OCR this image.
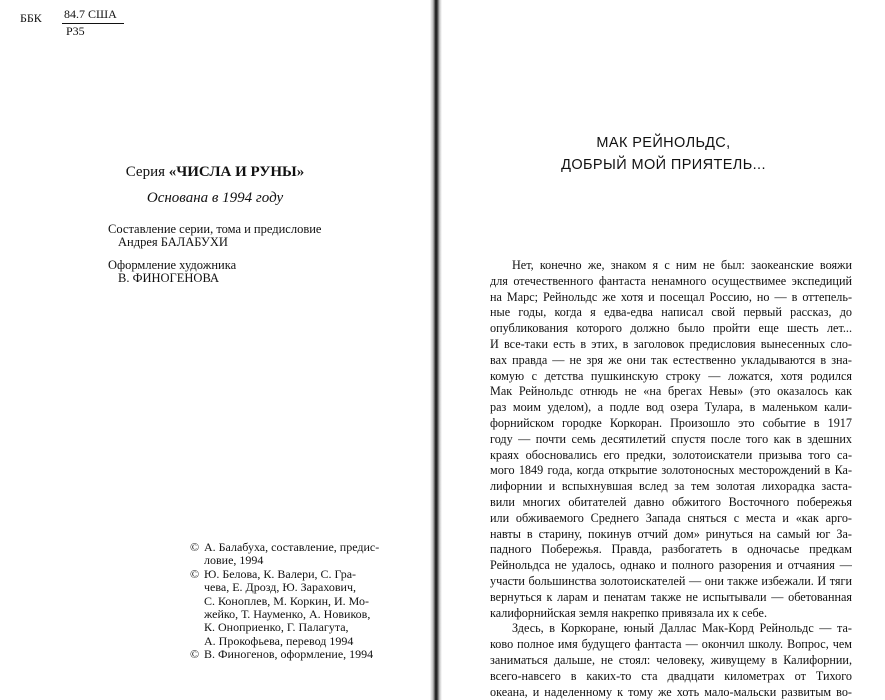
ББК 84.7 США
Р35
Серия «ЧИСЛА И РУНЫ»
Основана в 1994 году
Составление серии, тома и предисловие
Андрея БАЛАБУХИ
Оформление художника
В. ФИНОГЕНОВА
© А. Балабуха, составление, предис-
ловие, 1994
© Ю. Белова, К. Валери, С. Гра-
чева, Е. Дрозд, Ю. Зарахович,
С. Коноплев, М. Коркин, И. Мо-
жейко, Т. Науменко, А. Новиков,
К. Оноприенко, Г. Палагута,
А. Прокофьева, перевод 1994
© В. Финогенов, оформление, 1994
МАК РЕЙНОЛЬДС,
ДОБРЫЙ МОЙ ПРИЯТЕЛЬ...
Нет, конечно же, знаком я с ним не был: заокеанские вояжи
для отечественного фантаста ненамного осуществимее экспедиций
на Марс; Рейнольдс же хотя и посещал Россию, но — в оттепель-
ные годы, когда я едва-едва написал свой первый рассказ, до
опубликования которого должно было пройти еще шесть лет...
И все-таки есть в этих, в заголовок предисловия вынесенных сло-
вах правда — не зря же они так естественно укладываются в зна-
комую с детства пушкинскую строку — ложатся, хотя родился
Мак Рейнольдс отнюдь не «на брегах Невы» (это оказалось как
раз моим уделом), а подле вод озера Тулара, в маленьком кали-
форнийском городке Коркоран. Произошло это событие в 1917
году — почти семь десятилетий спустя после того как в здешних
краях обосновались его предки, золотоискатели призыва того са-
мого 1849 года, когда открытие золотоносных месторождений в Ка-
лифорнии и вспыхнувшая вслед за тем золотая лихорадка заста-
вили многих обитателей давно обжитого Восточного побережья
или обживаемого Среднего Запада сняться с места и «как арго-
навты в старину, покинув отчий дом» ринуться на самый юг За-
падного Побережья. Правда, разбогатеть в одночасье предкам
Рейнольдса не удалось, однако и полного разорения и отчаяния —
участи большинства золотоискателей — они также избежали. И тяги
вернуться к ларам и пенатам также не испытывали — обетованная
калифорнийская земля накрепко привязала их к себе.
Здесь, в Коркоране, юный Даллас Мак-Корд Рейнольдс — та-
ково полное имя будущего фантаста — окончил школу. Вопрос, чем
заниматься дальше, не стоял: человеку, живущему в Калифорнии,
всего-навсего в каких-то ста двадцати километрах от Тихого
океана, и наделенному к тому же хоть мало-мальски развитым во-
